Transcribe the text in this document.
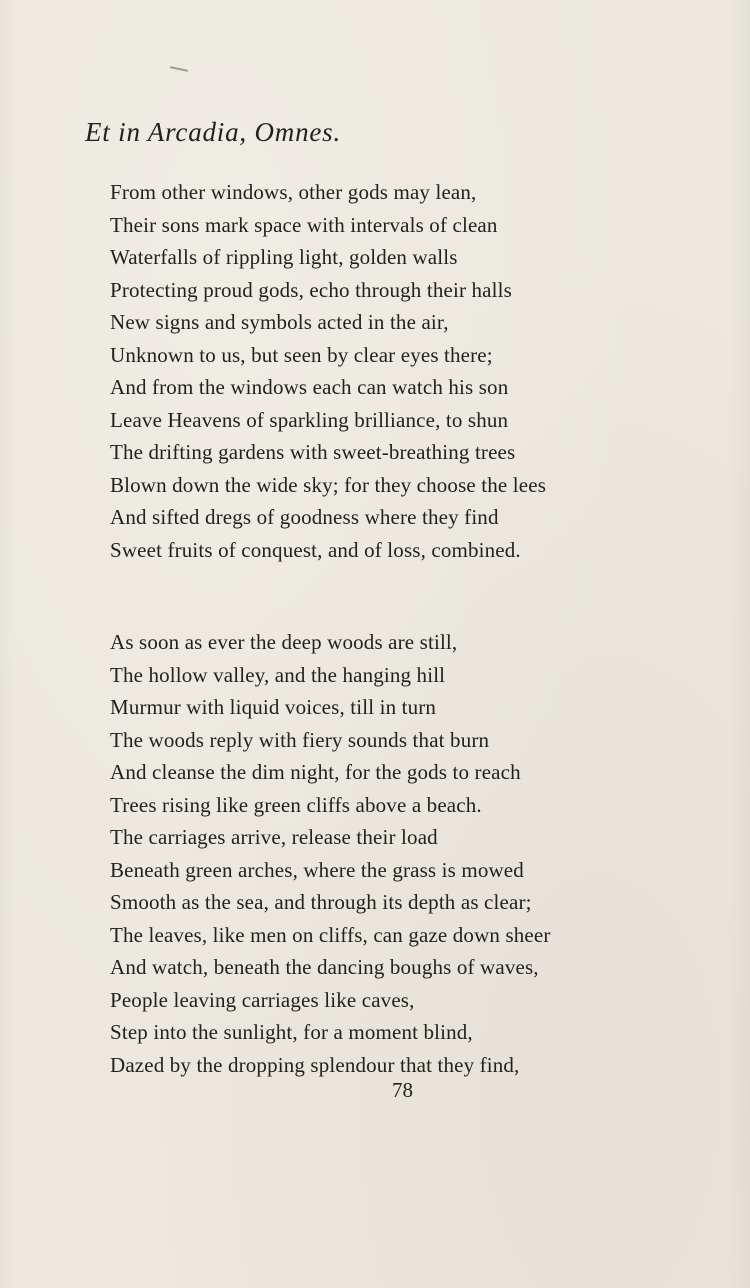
Et in Arcadia, Omnes.
From other windows, other gods may lean,
Their sons mark space with intervals of clean
Waterfalls of rippling light, golden walls
Protecting proud gods, echo through their halls
New signs and symbols acted in the air,
Unknown to us, but seen by clear eyes there;
And from the windows each can watch his son
Leave Heavens of sparkling brilliance, to shun
The drifting gardens with sweet-breathing trees
Blown down the wide sky; for they choose the lees
And sifted dregs of goodness where they find
Sweet fruits of conquest, and of loss, combined.
As soon as ever the deep woods are still,
The hollow valley, and the hanging hill
Murmur with liquid voices, till in turn
The woods reply with fiery sounds that burn
And cleanse the dim night, for the gods to reach
Trees rising like green cliffs above a beach.
The carriages arrive, release their load
Beneath green arches, where the grass is mowed
Smooth as the sea, and through its depth as clear;
The leaves, like men on cliffs, can gaze down sheer
And watch, beneath the dancing boughs of waves,
People leaving carriages like caves,
Step into the sunlight, for a moment blind,
Dazed by the dropping splendour that they find,
78
